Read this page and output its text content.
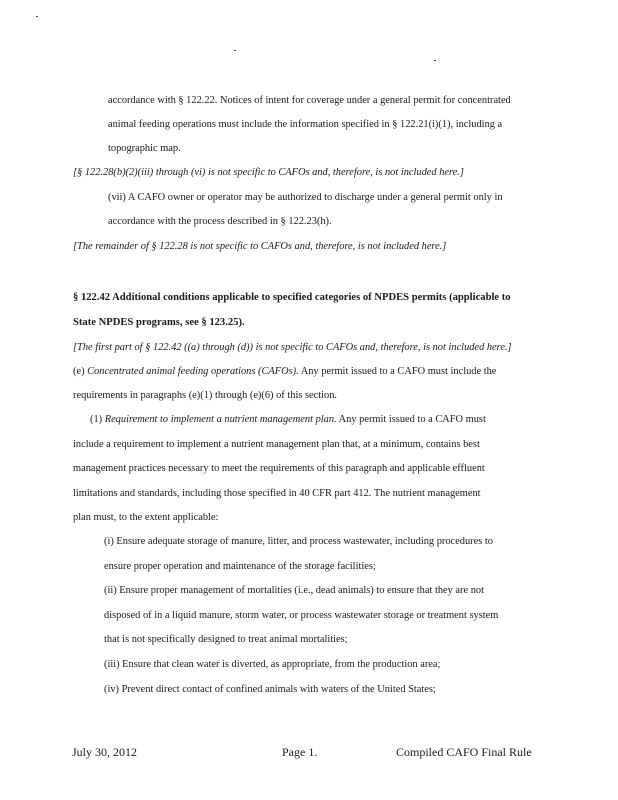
accordance with § 122.22. Notices of intent for coverage under a general permit for concentrated
animal feeding operations must include the information specified in § 122.21(i)(1), including a
topographic map.
[§ 122.28(b)(2)(iii) through (vi) is not specific to CAFOs and, therefore, is not included here.]
(vii) A CAFO owner or operator may be authorized to discharge under a general permit only in
accordance with the process described in § 122.23(h).
[The remainder of § 122.28 is not specific to CAFOs and, therefore, is not included here.]
§ 122.42 Additional conditions applicable to specified categories of NPDES permits (applicable to
State NPDES programs, see § 123.25).
[The first part of § 122.42 ((a) through (d)) is not specific to CAFOs and, therefore, is not included here.]
(e) Concentrated animal feeding operations (CAFOs). Any permit issued to a CAFO must include the
requirements in paragraphs (e)(1) through (e)(6) of this section.
(1) Requirement to implement a nutrient management plan. Any permit issued to a CAFO must
include a requirement to implement a nutrient management plan that, at a minimum, contains best
management practices necessary to meet the requirements of this paragraph and applicable effluent
limitations and standards, including those specified in 40 CFR part 412. The nutrient management
plan must, to the extent applicable:
(i) Ensure adequate storage of manure, litter, and process wastewater, including procedures to
ensure proper operation and maintenance of the storage facilities;
(ii) Ensure proper management of mortalities (i.e., dead animals) to ensure that they are not
disposed of in a liquid manure, storm water, or process wastewater storage or treatment system
that is not specifically designed to treat animal mortalities;
(iii) Ensure that clean water is diverted, as appropriate, from the production area;
(iv) Prevent direct contact of confined animals with waters of the United States;
July 30, 2012	Page 1.	Compiled CAFO Final Rule
